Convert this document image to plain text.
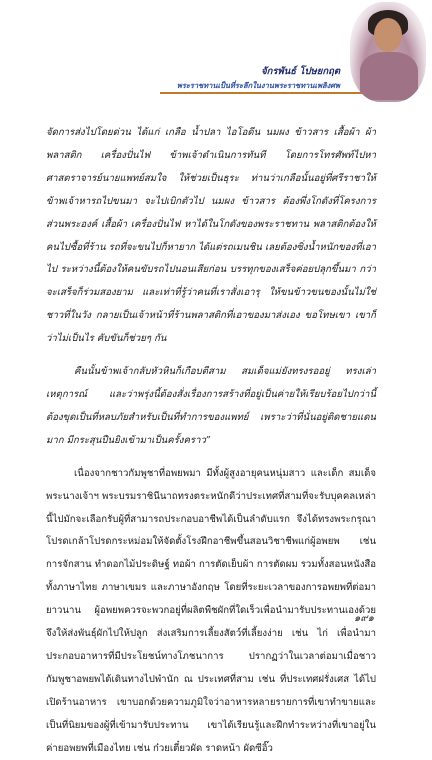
จักรพันธ์ โปษยกฤต
พระราชทานเป็นที่ระลึกในงานพระราชทานเพลิงศพ

จัดการส่งไปโดยด่วน ได้แก่ เกลือ น้ำปลา ไอโอดีน นมผง ข้าวสาร เสื้อผ้า ผ้าพลาสติก เครื่องปั่นไฟ ข้าพเจ้าดำเนินการทันที โดยการโทรศัพท์ไปหาศาสตราจารย์นายแพทย์สมใจ ให้ช่วยเป็นธุระ ท่านว่าเกลือนั้นอยู่ที่ศรีราชาให้ข้าพเจ้าหารถไปขนมา จะไปเบิกตัวไป นมผง ข้าวสาร ต้องพึ่งโกดังที่โครงการส่วนพระองค์ เสื้อผ้า เครื่องปั่นไฟ หาได้ในโกดังของพระราชทาน พลาสติกต้องให้คนไปซื้อที่ร้าน รถที่จะขนไปก็หายาก ได้แต่รถเมนชิน เลยต้องซิ่งน้ำหนักของที่เอาไป ระหว่างนี้ต้องให้คนขับรถไปนอนเสียก่อน บรรทุกของเสร็จค่อยปลุกขึ้นมา กว่าจะเสร็จก็ร่วมสองยาม และเท่าที่รู้ว่าคนที่เราสั่งเอารุ ให้ขนข้าวขนของนั้นไม่ใช่ชาวที่ในวัง กลายเป็นเจ้าหน้าที่ร้านพลาสติกที่เอาของมาส่งเอง ขอโทษเขา เขาก็ว่าไม่เป็นไร คับขันก็ช่วยๆ กัน

คืนนั้นข้าพเจ้ากลับหัวหินก็เกือบตีสาม สมเด็จแม่ยังทรงรออยู่ ทรงเล่าเหตุการณ์ และว่าพรุ่งนี้ต้องสั่งเรื่องการสร้างที่อยู่เป็นค่ายให้เรียบร้อยไปกว่านี้ ต้องขุดเป็นที่หลบภัยสำหรับเป็นที่ทำการของแพทย์ เพราะว่าที่นั่นอยู่ติดชายแดนมาก มีกระสุนปืนยิงเข้ามาเป็นครั้งคราว”

เนื่องจากชาวกัมพูชาที่อพยพมา มีทั้งผู้สูงอายุคนหนุ่มสาว และเด็ก สมเด็จพระนางเจ้าฯ พระบรมราชินีนาถทรงตระหนักดีว่าประเทศที่สามที่จะรับบุคคลเหล่านี้ไปมักจะเลือกรับผู้ที่สามารถประกอบอาชีพได้เป็นลำดับแรก จึงได้ทรงพระกรุณาโปรดเกล้าโปรดกระหม่อมให้จัดตั้งโรงฝึกอาชีพขึ้นสอนวิชาชีพแก่ผู้อพยพ เช่น การจักสาน ทำดอกไม้ประดิษฐ์ ทอผ้า การตัดเย็บผ้า การตัดผม รวมทั้งสอนหนังสือทั้งภาษาไทย ภาษาเขมร และภาษาอังกฤษ โดยที่ระยะเวลาของการอพยพที่ต่อมายาวนาน ผู้อพยพควรจะพวกอยู่ที่ผลิตพืชผักที่ใดเร็วเพื่อนำมารับประทานเองด้วย จึงให้ส่งพันธุ์ผักไปให้ปลูก ส่งเสริมการเลี้ยงสัตว์ที่เลี้ยงง่าย เช่น ไก่ เพื่อนำมาประกอบอาหารที่มีประโยชน์ทางโภชนาการ ปรากฏว่าในเวลาต่อมาเมื่อชาวกัมพูชาอพยพได้เดินทางไปพำนัก ณ ประเทศที่สาม เช่น ที่ประเทศฝรั่งเศส ได้ไปเปิดร้านอาหาร เขาบอกด้วยความภูมิใจว่าอาหารหลายรายการที่เขาทำขายและเป็นที่นิยมของผู้ที่เข้ามารับประทาน เขาได้เรียนรู้และฝึกทำระหว่างที่เขาอยู่ในค่ายอพยพที่เมืองไทย เช่น ก๋วยเตี๋ยวผัด ราดหน้า ผัดซีอิ๊ว

๑๙๑
